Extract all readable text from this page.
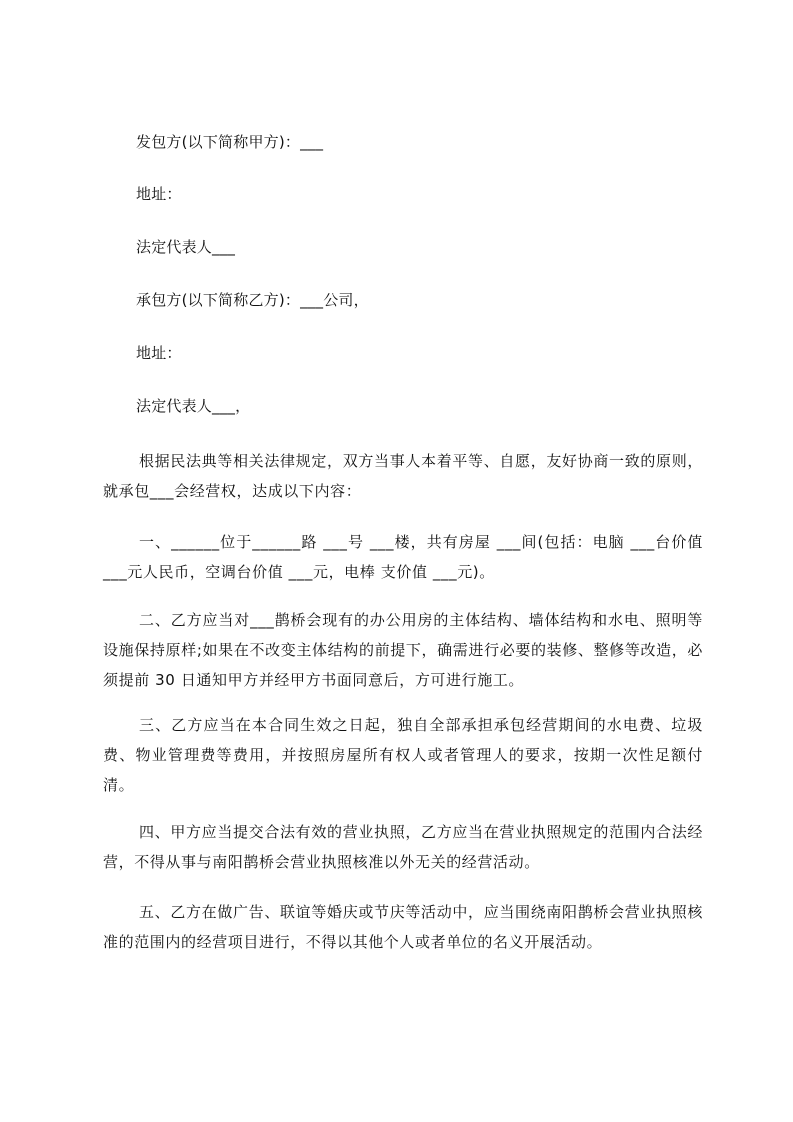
发包方(以下简称甲方)：___
地址：
法定代表人___
承包方(以下简称乙方)：___公司，
地址：
法定代表人___，
根据民法典等相关法律规定，双方当事人本着平等、自愿，友好协商一致的原则，就承包___会经营权，达成以下内容：
一、______位于______路 ___号 ___楼，共有房屋 ___间(包括：电脑 ___台价值 ___元人民币，空调台价值 ___元，电棒 支价值 ___元)。
二、乙方应当对___鹊桥会现有的办公用房的主体结构、墙体结构和水电、照明等设施保持原样;如果在不改变主体结构的前提下，确需进行必要的装修、整修等改造，必须提前 30 日通知甲方并经甲方书面同意后，方可进行施工。
三、乙方应当在本合同生效之日起，独自全部承担承包经营期间的水电费、垃圾费、物业管理费等费用，并按照房屋所有权人或者管理人的要求，按期一次性足额付清。
四、甲方应当提交合法有效的营业执照，乙方应当在营业执照规定的范围内合法经营，不得从事与南阳鹊桥会营业执照核准以外无关的经营活动。
五、乙方在做广告、联谊等婚庆或节庆等活动中，应当围绕南阳鹊桥会营业执照核准的范围内的经营项目进行，不得以其他个人或者单位的名义开展活动。
